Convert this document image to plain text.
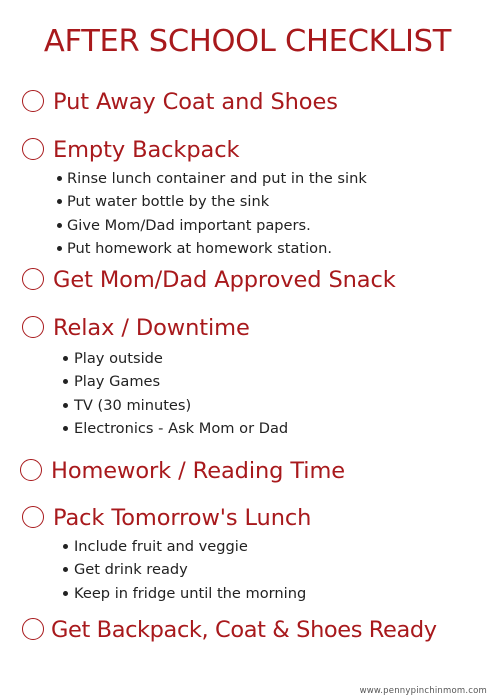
AFTER SCHOOL CHECKLIST
Put Away Coat and Shoes
Empty Backpack
Rinse lunch container and put in the sink
Put water bottle by the sink
Give Mom/Dad important papers.
Put homework at homework station.
Get Mom/Dad Approved Snack
Relax / Downtime
Play outside
Play Games
TV (30 minutes)
Electronics - Ask Mom or Dad
Homework / Reading Time
Pack Tomorrow's Lunch
Include fruit and veggie
Get drink ready
Keep in fridge until the morning
Get Backpack, Coat & Shoes Ready
www.pennypinchinmom.com
